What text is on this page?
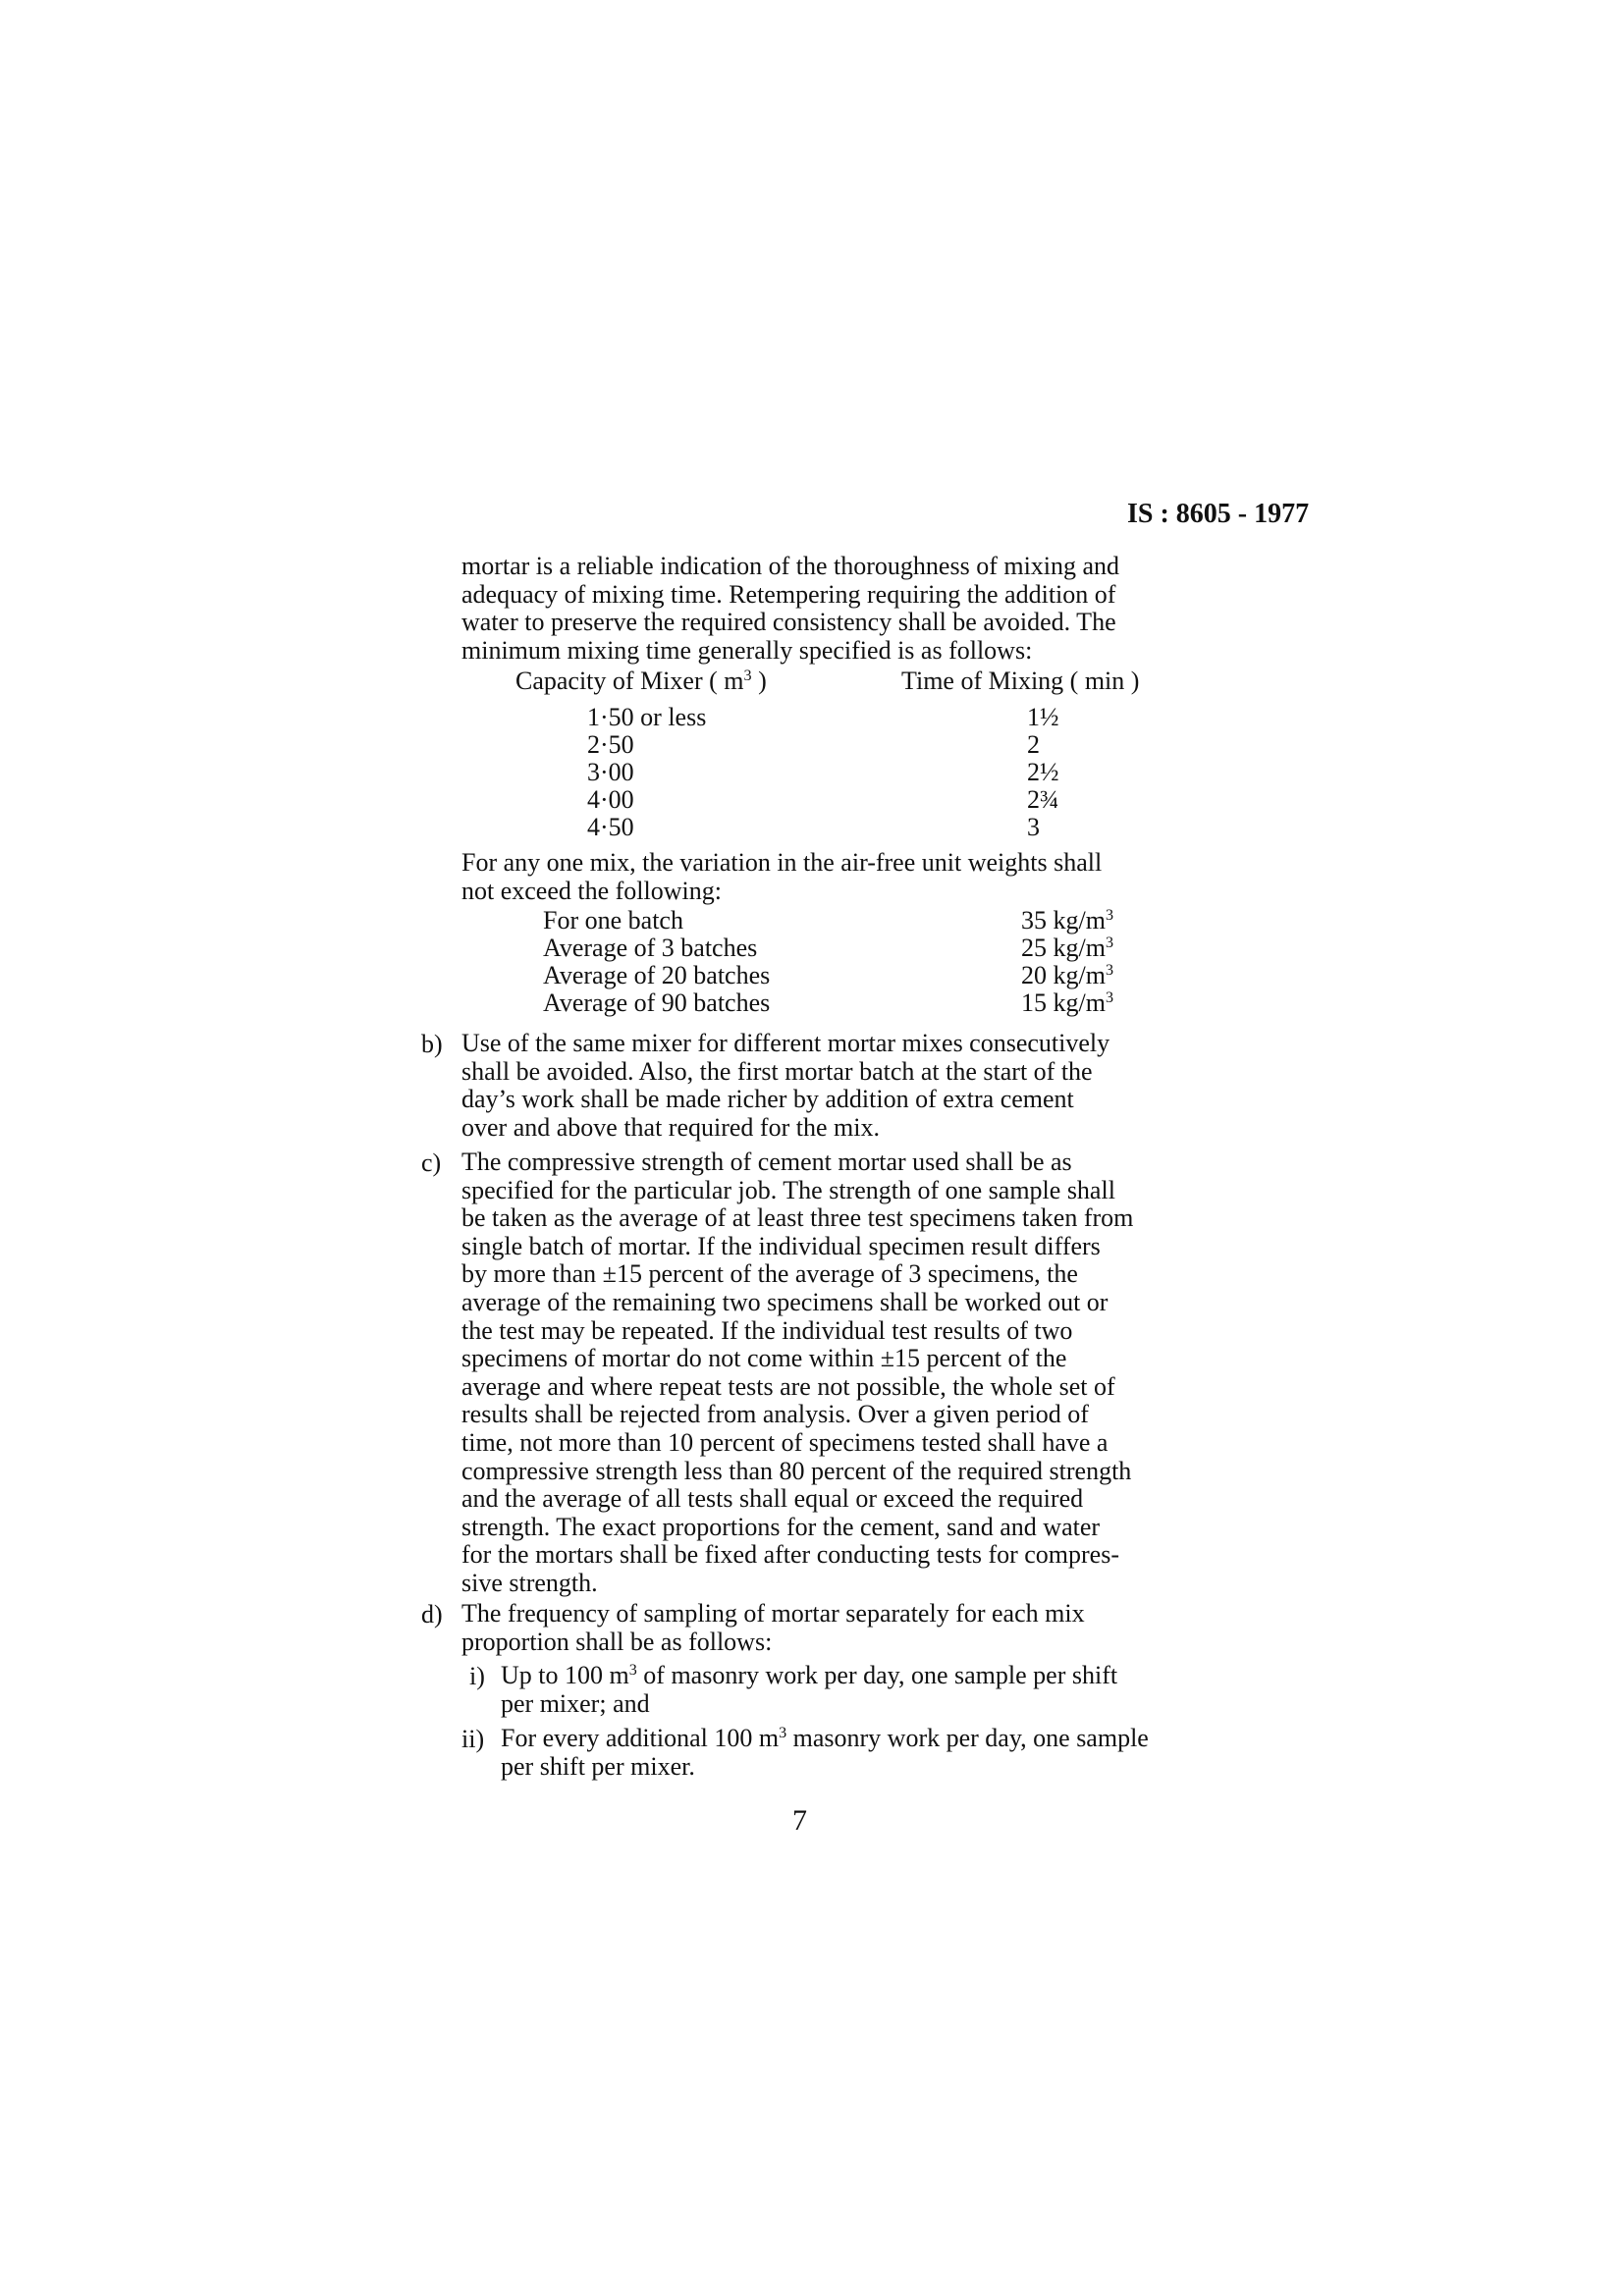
IS : 8605 - 1977
mortar is a reliable indication of the thoroughness of mixing and
adequacy of mixing time. Retempering requiring the addition of
water to preserve the required consistency shall be avoided. The
minimum mixing time generally specified is as follows:
Capacity of Mixer ( $m^3$ )	Time of Mixing ( min )
1·50 or less	1½
2·50	2
3·00	2½
4·00	2¾
4·50	3
For any one mix, the variation in the air-free unit weights shall
not exceed the following:
For one batch	35 $kg/m^3$
Average of 3 batches	25 $kg/m^3$
Average of 20 batches	20 $kg/m^3$
Average of 90 batches	15 $kg/m^3$
b) Use of the same mixer for different mortar mixes consecutively
shall be avoided. Also, the first mortar batch at the start of the
day’s work shall be made richer by addition of extra cement
over and above that required for the mix.
c) The compressive strength of cement mortar used shall be as
specified for the particular job. The strength of one sample shall
be taken as the average of at least three test specimens taken from
single batch of mortar. If the individual specimen result differs
by more than ±15 percent of the average of 3 specimens, the
average of the remaining two specimens shall be worked out or
the test may be repeated. If the individual test results of two
specimens of mortar do not come within ±15 percent of the
average and where repeat tests are not possible, the whole set of
results shall be rejected from analysis. Over a given period of
time, not more than 10 percent of specimens tested shall have a
compressive strength less than 80 percent of the required strength
and the average of all tests shall equal or exceed the required
strength. The exact proportions for the cement, sand and water
for the mortars shall be fixed after conducting tests for compres-
sive strength.
d) The frequency of sampling of mortar separately for each mix
proportion shall be as follows:
i) Up to 100 $m^3$ of masonry work per day, one sample per shift
per mixer; and
ii) For every additional 100 $m^3$ masonry work per day, one sample
per shift per mixer.
7
